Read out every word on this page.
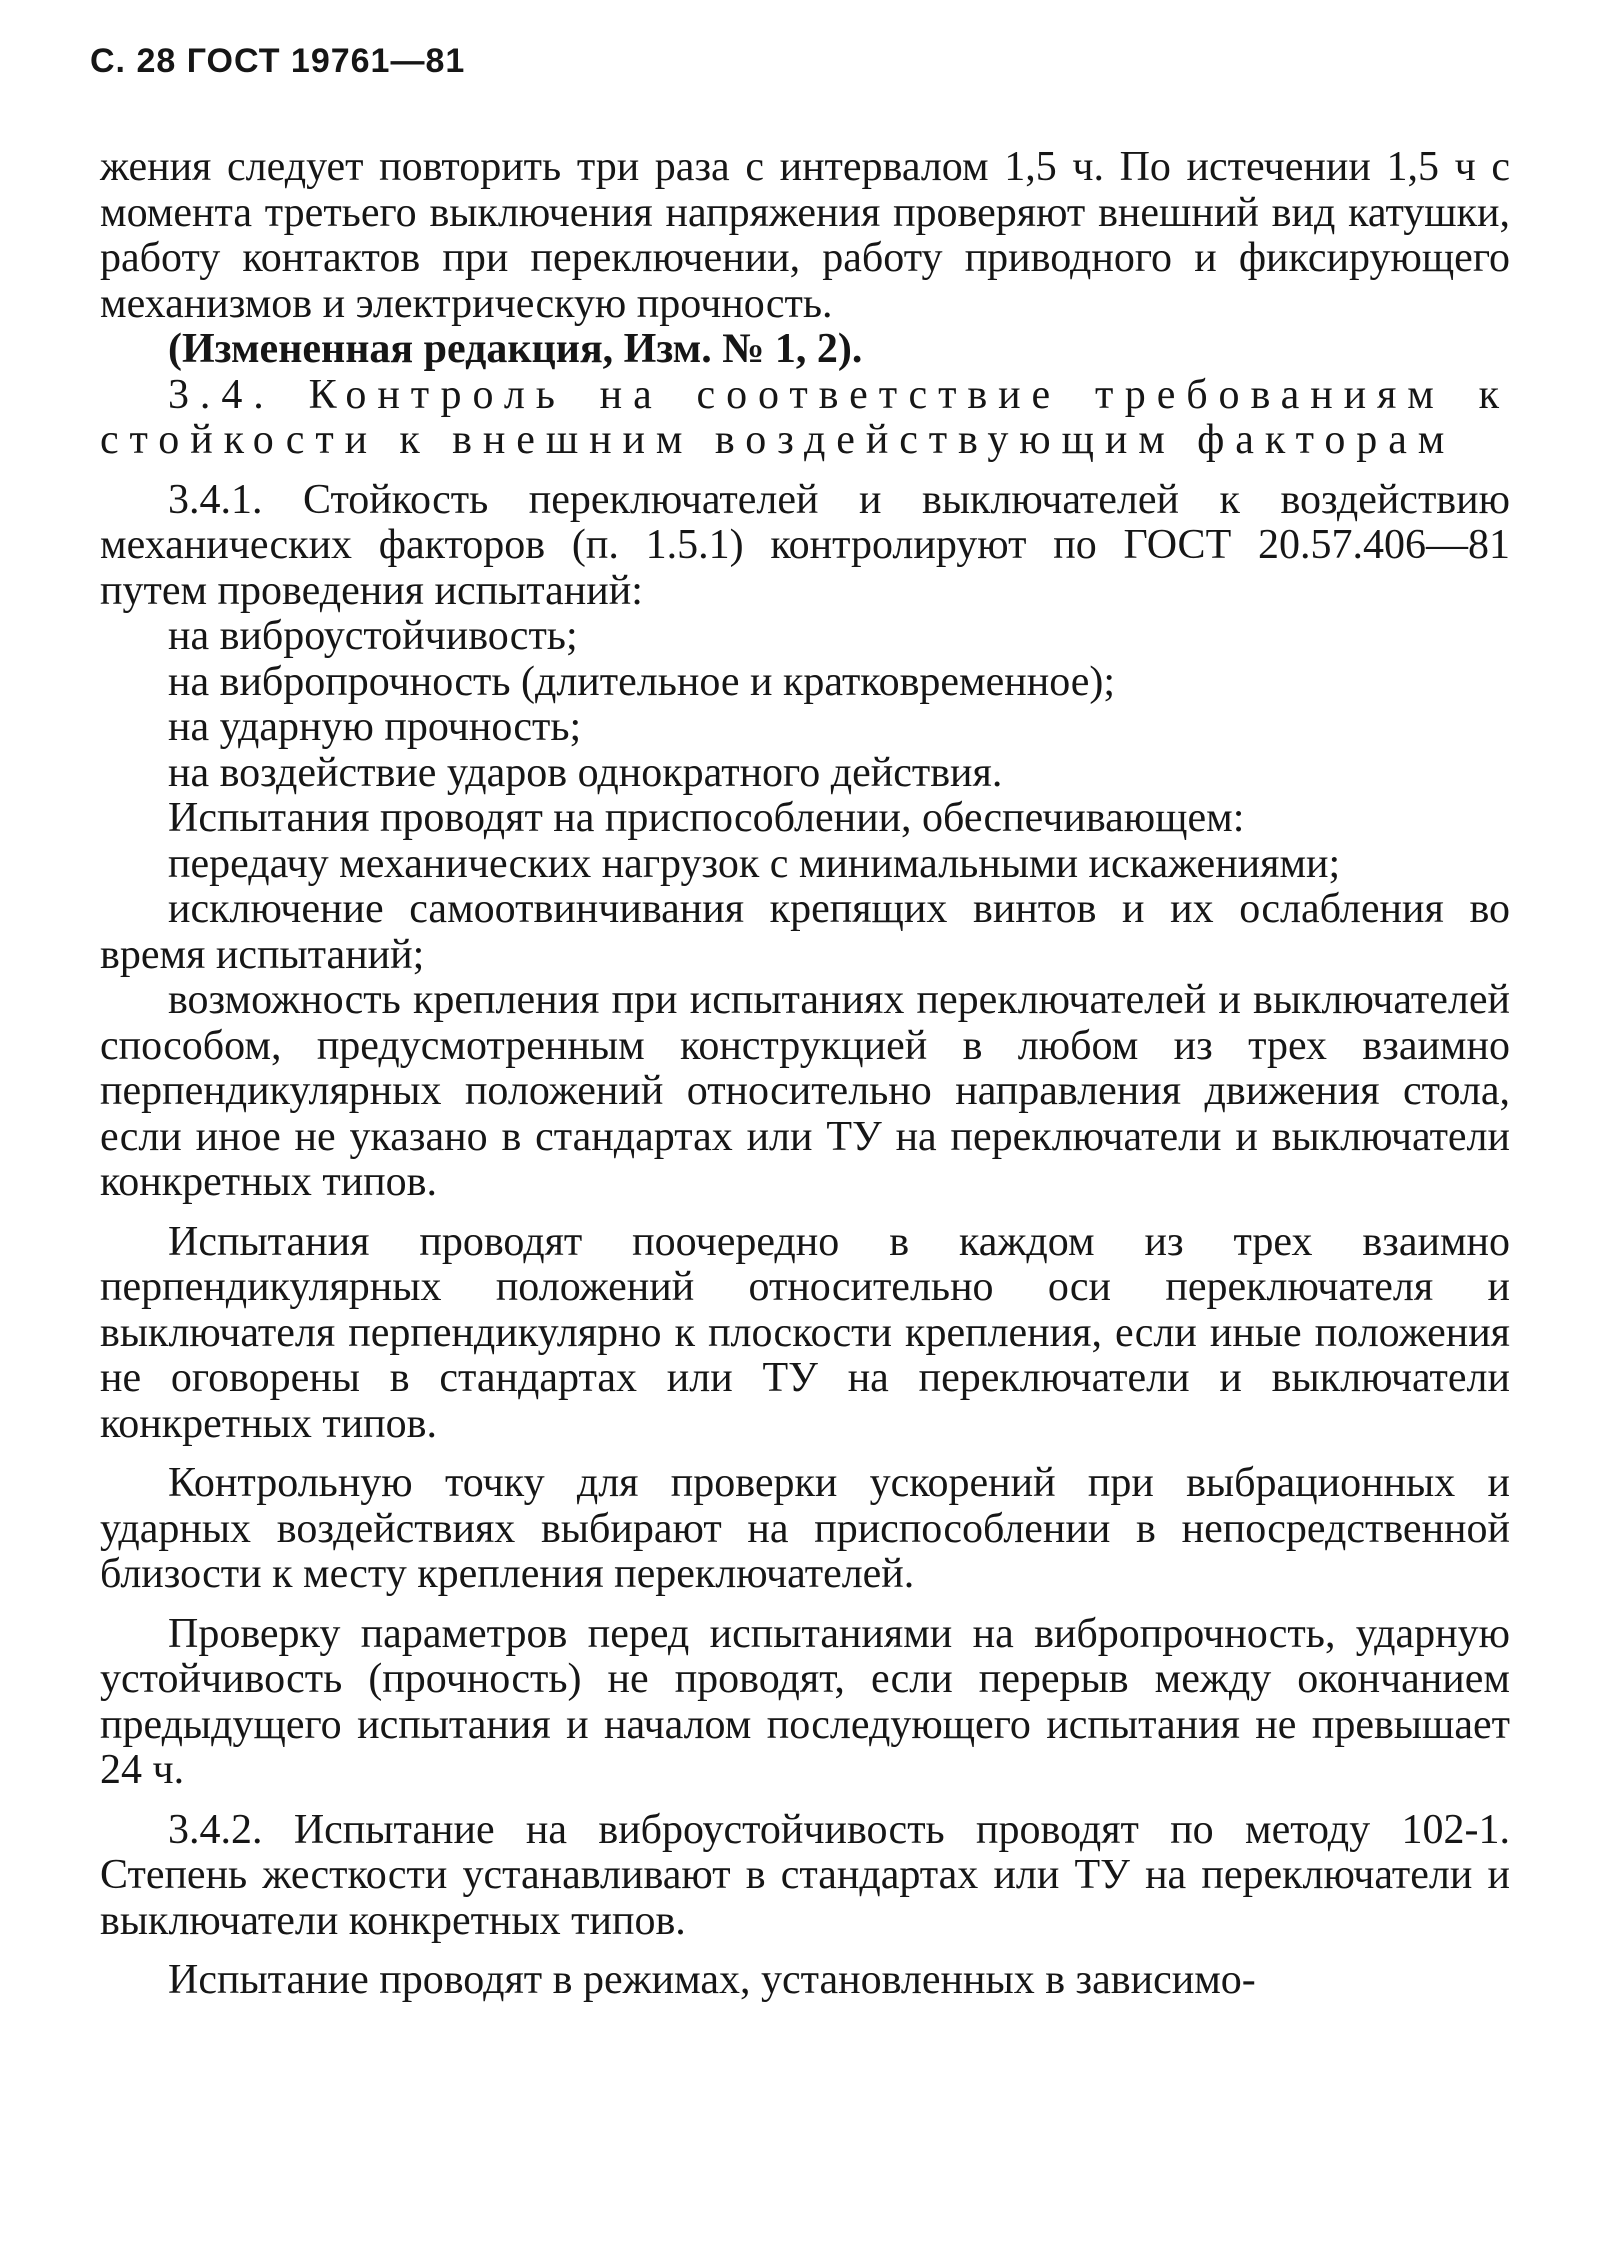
С. 28 ГОСТ 19761—81

жения следует повторить три раза с интервалом 1,5 ч. По истечении 1,5 ч с момента третьего выключения напряжения проверяют внешний вид катушки, работу контактов при переключении, работу приводного и фиксирующего механизмов и электрическую прочность.

(Измененная редакция, Изм. № 1, 2).

3.4. Контроль на соответствие требованиям к стойкости к внешним воздействующим факторам

3.4.1. Стойкость переключателей и выключателей к воздействию механических факторов (п. 1.5.1) контролируют по ГОСТ 20.57.406—81 путем проведения испытаний:

на виброустойчивость;

на вибропрочность (длительное и кратковременное);

на ударную прочность;

на воздействие ударов однократного действия.

Испытания проводят на приспособлении, обеспечивающем:

передачу механических нагрузок с минимальными искажениями;

исключение самоотвинчивания крепящих винтов и их ослабления во время испытаний;

возможность крепления при испытаниях переключателей и выключателей способом, предусмотренным конструкцией в любом из трех взаимно перпендикулярных положений относительно направления движения стола, если иное не указано в стандартах или ТУ на переключатели и выключатели конкретных типов.

Испытания проводят поочередно в каждом из трех взаимно перпендикулярных положений относительно оси переключателя и выключателя перпендикулярно к плоскости крепления, если иные положения не оговорены в стандартах или ТУ на переключатели и выключатели конкретных типов.

Контрольную точку для проверки ускорений при выбрационных и ударных воздействиях выбирают на приспособлении в непосредственной близости к месту крепления переключателей.

Проверку параметров перед испытаниями на вибропрочность, ударную устойчивость (прочность) не проводят, если перерыв между окончанием предыдущего испытания и началом последующего испытания не превышает 24 ч.

3.4.2. Испытание на виброустойчивость проводят по методу 102-1. Степень жесткости устанавливают в стандартах или ТУ на переключатели и выключатели конкретных типов.

Испытание проводят в режимах, установленных в зависимо-
